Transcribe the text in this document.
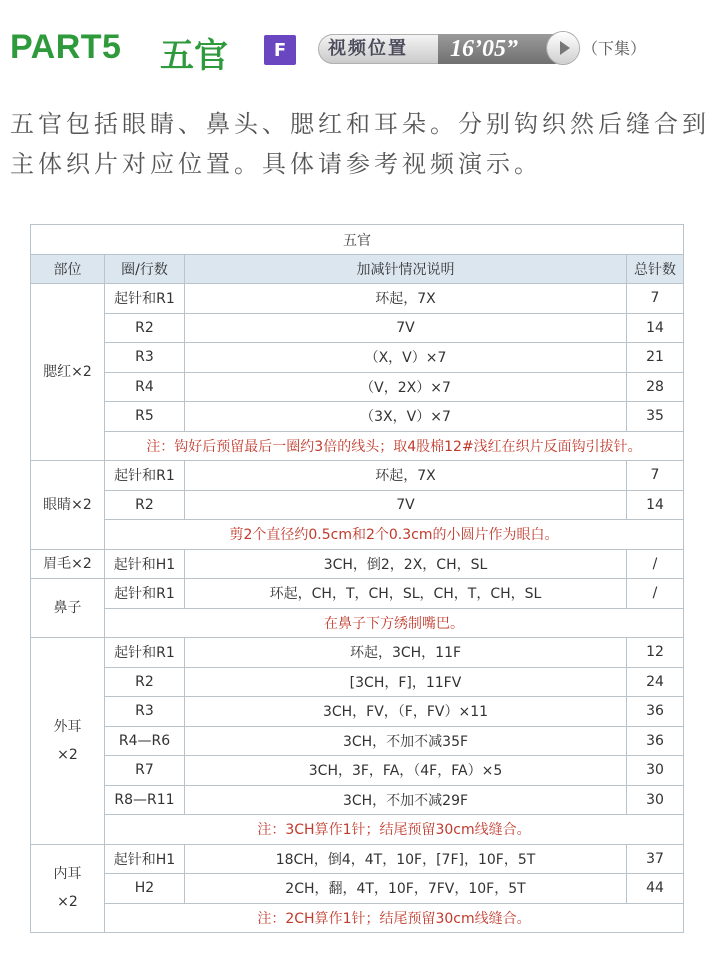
PART5 五官	F	视频位置	16’05”	（下集）
五官包括眼睛、鼻头、腮红和耳朵。分别钩织然后缝合到主体织片对应位置。具体请参考视频演示。
五官			
部位	圈/行数	加减针情况说明	总针数
腮红×2	起针和R1	环起，7X	7
	R2	7V	14
	R3	（X，V）×7	21
	R4	（V，2X）×7	28
	R5	（3X，V）×7	35
	注：钩好后预留最后一圈约3倍的线头；取4股棉12#浅红在织片反面钩引拔针。		
眼睛×2	起针和R1	环起，7X	7
	R2	7V	14
	剪2个直径约0.5cm和2个0.3cm的小圆片作为眼白。		
眉毛×2	起针和H1	3CH，倒2，2X，CH，SL	/
鼻子	起针和R1	环起，CH，T，CH，SL，CH，T，CH，SL	/
	在鼻子下方绣制嘴巴。		
外耳
×2	起针和R1	环起，3CH，11F	12
	R2	[3CH，F]，11FV	24
	R3	3CH，FV，（F，FV）×11	36
	R4—R6	3CH，不加不减35F	36
	R7	3CH，3F，FA，（4F，FA）×5	30
	R8—R11	3CH，不加不减29F	30
	注：3CH算作1针；结尾预留30cm线缝合。		
内耳
×2	起针和H1	18CH，倒4，4T，10F，[7F]，10F，5T	37
	H2	2CH，翻，4T，10F，7FV，10F，5T	44
	注：2CH算作1针；结尾预留30cm线缝合。		
